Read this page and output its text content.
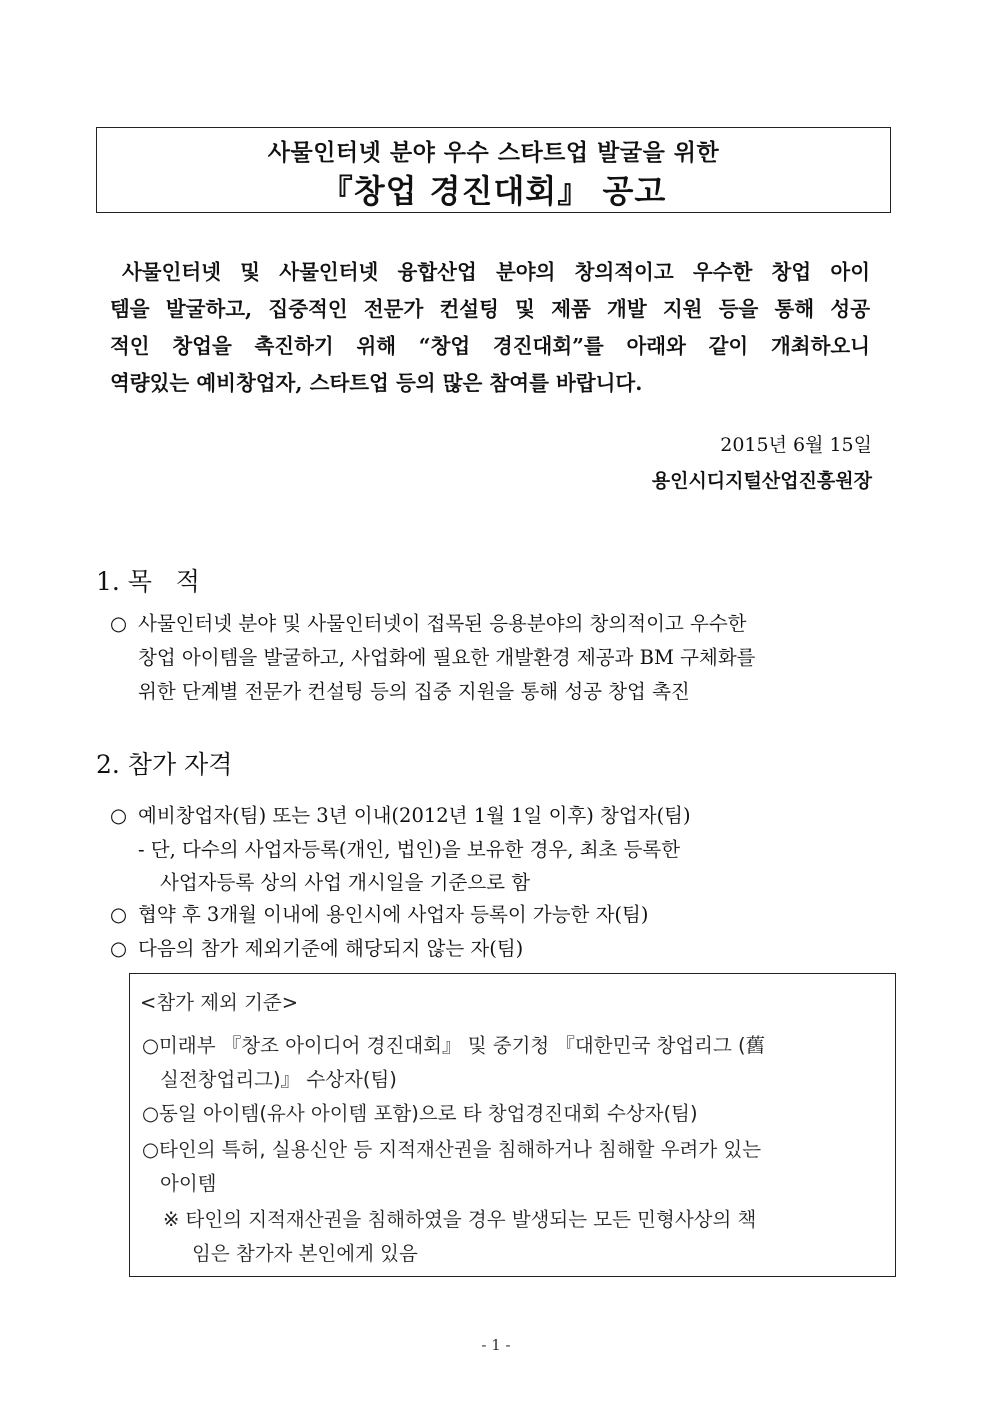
사물인터넷 분야 우수 스타트업 발굴을 위한
『창업 경진대회』 공고
사물인터넷 및 사물인터넷 융합산업 분야의 창의적이고 우수한 창업 아이
템을 발굴하고, 집중적인 전문가 컨설팅 및 제품 개발 지원 등을 통해 성공
적인 창업을 촉진하기 위해 “창업 경진대회”를 아래와 같이 개최하오니
역량있는 예비창업자, 스타트업 등의 많은 참여를 바랍니다.
2015년 6월 15일
용인시디지털산업진흥원장
1. 목   적
○ 사물인터넷 분야 및 사물인터넷이 접목된 응용분야의 창의적이고 우수한
창업 아이템을 발굴하고, 사업화에 필요한 개발환경 제공과 BM 구체화를
위한 단계별 전문가 컨설팅 등의 집중 지원을 통해 성공 창업 촉진
2. 참가 자격
○ 예비창업자(팀) 또는 3년 이내(2012년 1월 1일 이후) 창업자(팀)
- 단, 다수의 사업자등록(개인, 법인)을 보유한 경우, 최초 등록한
사업자등록 상의 사업 개시일을 기준으로 함
○ 협약 후 3개월 이내에 용인시에 사업자 등록이 가능한 자(팀)
○ 다음의 참가 제외기준에 해당되지 않는 자(팀)
<참가 제외 기준>
○미래부 『창조 아이디어 경진대회』 및 중기청 『대한민국 창업리그 (舊
실전창업리그)』 수상자(팀)
○동일 아이템(유사 아이템 포함)으로 타 창업경진대회 수상자(팀)
○타인의 특허, 실용신안 등 지적재산권을 침해하거나 침해할 우려가 있는
아이템
※ 타인의 지적재산권을 침해하였을 경우 발생되는 모든 민형사상의 책
임은 참가자 본인에게 있음
- 1 -
